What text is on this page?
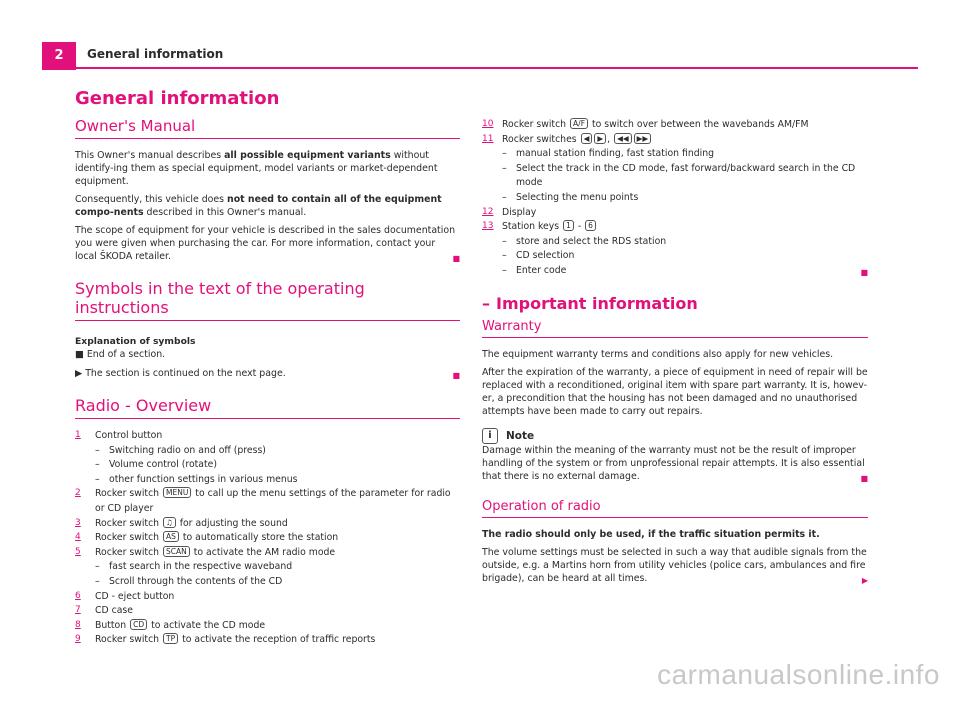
2	General information
General information
Owner's Manual

This Owner's manual describes all possible equipment variants without identify-ing them as special equipment, model variants or market-dependent equipment.

Consequently, this vehicle does not need to contain all of the equipment compo-nents described in this Owner's manual.

The scope of equipment for your vehicle is described in the sales documentation you were given when purchasing the car. For more information, contact your local ŠKODA retailer.	■

Symbols in the text of the operating instructions
Explanation of symbols
■ End of a section.
▶ The section is continued on the next page.	■
Radio - Overview
1 Control button
– Switching radio on and off (press)
– Volume control (rotate)
– other function settings in various menus
2 Rocker switch MENU to call up the menu settings of the parameter for radio or CD player
3 Rocker switch ♫ for adjusting the sound
4 Rocker switch AS to automatically store the station
5 Rocker switch SCAN to activate the AM radio mode
– fast search in the respective waveband
– Scroll through the contents of the CD
6 CD - eject button
7 CD case
8 Button CD to activate the CD mode
9 Rocker switch TP to activate the reception of traffic reports
10 Rocker switch A/F to switch over between the wavebands AM/FM
11 Rocker switches ◀ ▶ , ◀◀ ▶▶
– manual station finding, fast station finding
– Select the track in the CD mode, fast forward/backward search in the CD mode
– Selecting the menu points
12 Display
13 Station keys 1 - 6
– store and select the RDS station
– CD selection
– Enter code	■
– Important information
Warranty

The equipment warranty terms and conditions also apply for new vehicles.

After the expiration of the warranty, a piece of equipment in need of repair will be replaced with a reconditioned, original item with spare part warranty. It is, howev-er, a precondition that the housing has not been damaged and no unauthorised attempts have been made to carry out repairs.

i	Note

Damage within the meaning of the warranty must not be the result of improper handling of the system or from unprofessional repair attempts. It is also essential that there is no external damage.	■

Operation of radio

The radio should only be used, if the traffic situation permits it.

The volume settings must be selected in such a way that audible signals from the outside, e.g. a Martins horn from utility vehicles (police cars, ambulances and fire brigade), can be heard at all times.	▶

carmanualsonline.info
